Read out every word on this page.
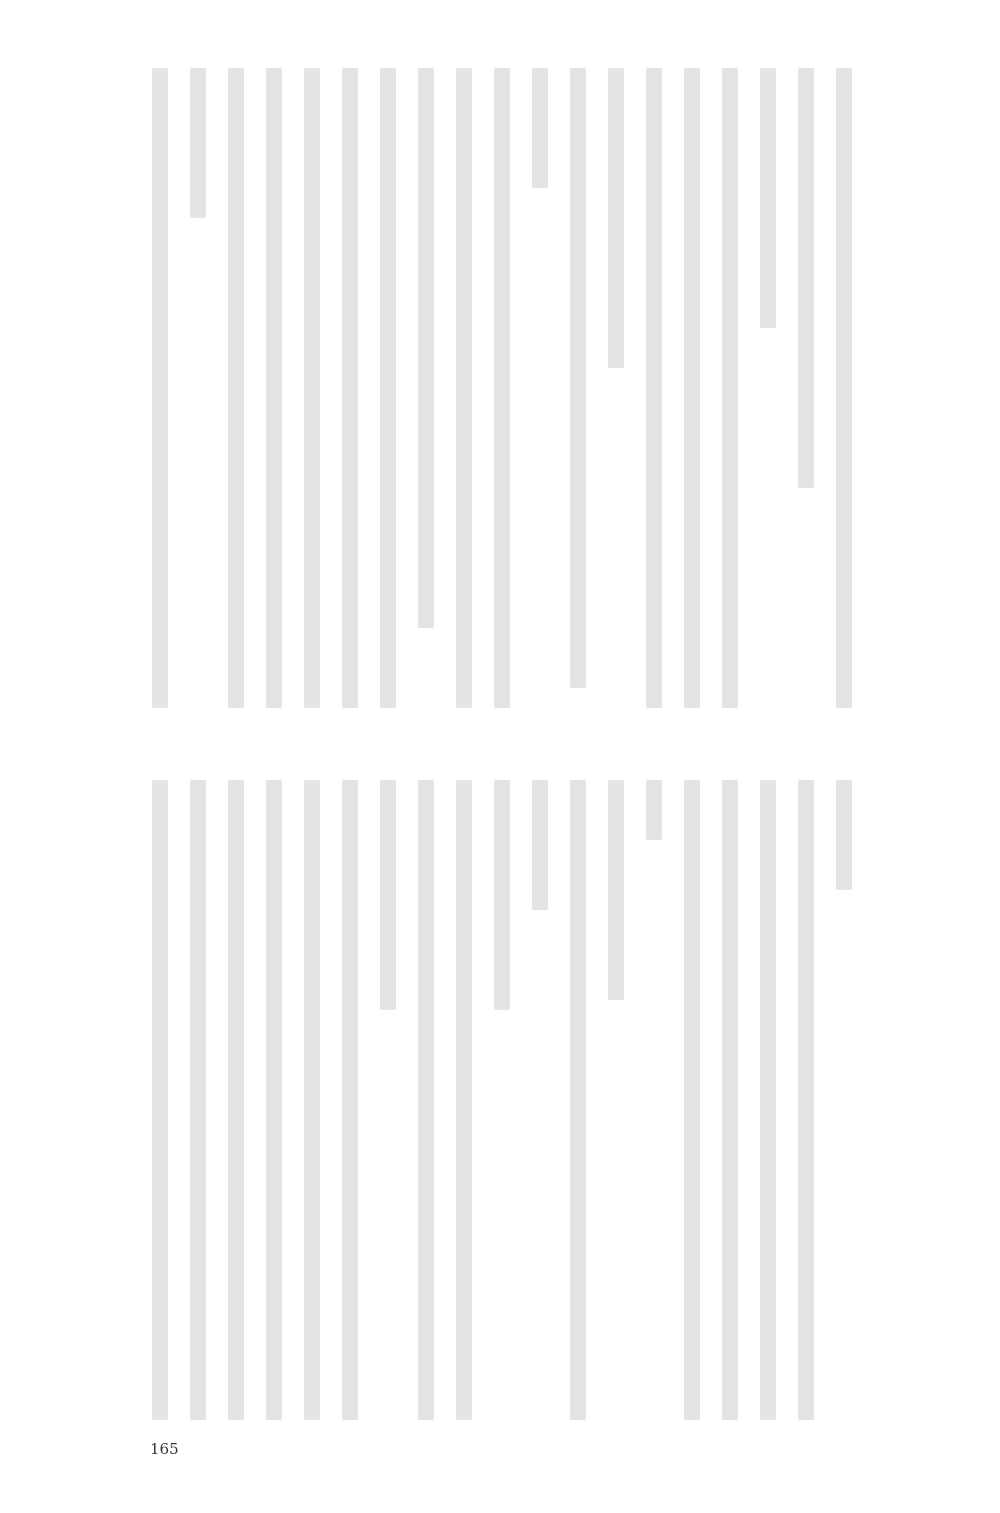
165
